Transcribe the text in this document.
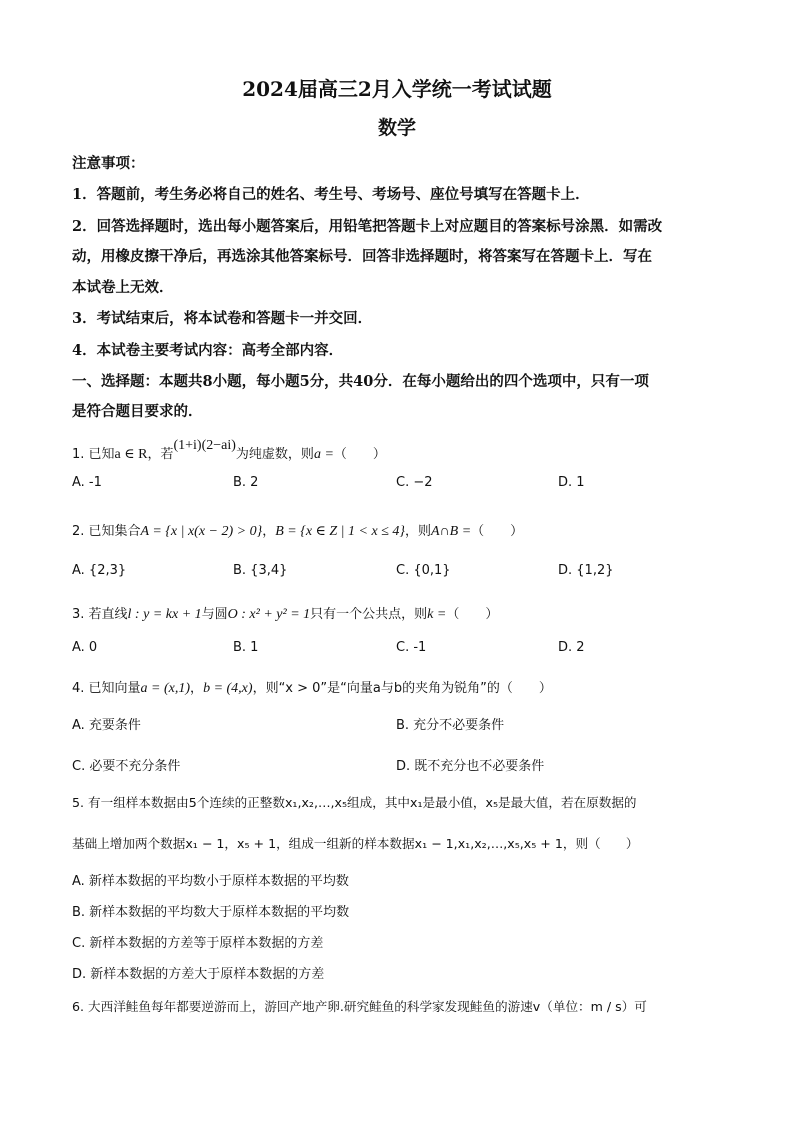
2024届高三2月入学统一考试试题
数学
注意事项：
1．答题前，考生务必将自己的姓名、考生号、考场号、座位号填写在答题卡上．
2．回答选择题时，选出每小题答案后，用铅笔把答题卡上对应题目的答案标号涂黑．如需改
动，用橡皮擦干净后，再选涂其他答案标号．回答非选择题时，将答案写在答题卡上．写在
本试卷上无效．
3．考试结束后，将本试卷和答题卡一并交回．
4．本试卷主要考试内容：高考全部内容．
一、选择题：本题共8小题，每小题5分，共40分．在每小题给出的四个选项中，只有一项
是符合题目要求的．
1. 已知a ∈ R，若(1+i)(2−ai)为纯虚数，则a =（　　）
A. -1	B. 2	C. −2	D. 1
2. 已知集合A = {x | x(x − 2) > 0}，B = {x ∈ Z | 1 < x ≤ 4}，则A∩B =（　　）
A. {2,3}	B. {3,4}	C. {0,1}	D. {1,2}
3. 若直线l : y = kx + 1与圆O : x² + y² = 1只有一个公共点，则k =（　　）
A. 0	B. 1	C. -1	D. 2
4. 已知向量a = (x,1)，b = (4,x)，则“x > 0”是“向量a与b的夹角为锐角”的（　　）
A. 充要条件	B. 充分不必要条件
C. 必要不充分条件	D. 既不充分也不必要条件
5. 有一组样本数据由5个连续的正整数x₁,x₂,…,x₅组成，其中x₁是最小值，x₅是最大值，若在原数据的
基础上增加两个数据x₁ − 1，x₅ + 1，组成一组新的样本数据x₁ − 1,x₁,x₂,…,x₅,x₅ + 1，则（　　）
A. 新样本数据的平均数小于原样本数据的平均数
B. 新样本数据的平均数大于原样本数据的平均数
C. 新样本数据的方差等于原样本数据的方差
D. 新样本数据的方差大于原样本数据的方差
6. 大西洋鲑鱼每年都要逆游而上，游回产地产卵.研究鲑鱼的科学家发现鲑鱼的游速v（单位：m / s）可
